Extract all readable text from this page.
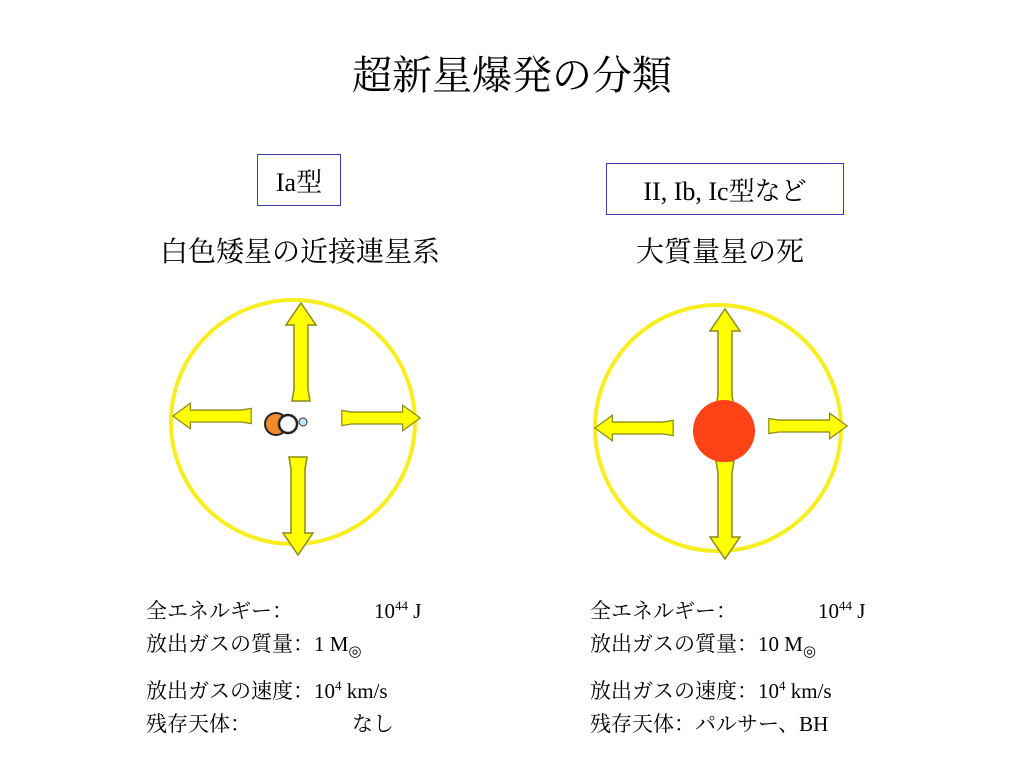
超新星爆発の分類
Ia型	II, Ib, Ic型など
白色矮星の近接連星系	大質量星の死
全エネルギー：	$10^{44}$ J
放出ガスの質量： 1 $M_◎$
放出ガスの速度： $10^4$ km/s
残存天体：	なし
全エネルギー：	$10^{44}$ J
放出ガスの質量： 10 $M_◎$
放出ガスの速度： $10^4$ km/s
残存天体： パルサー、 BH
